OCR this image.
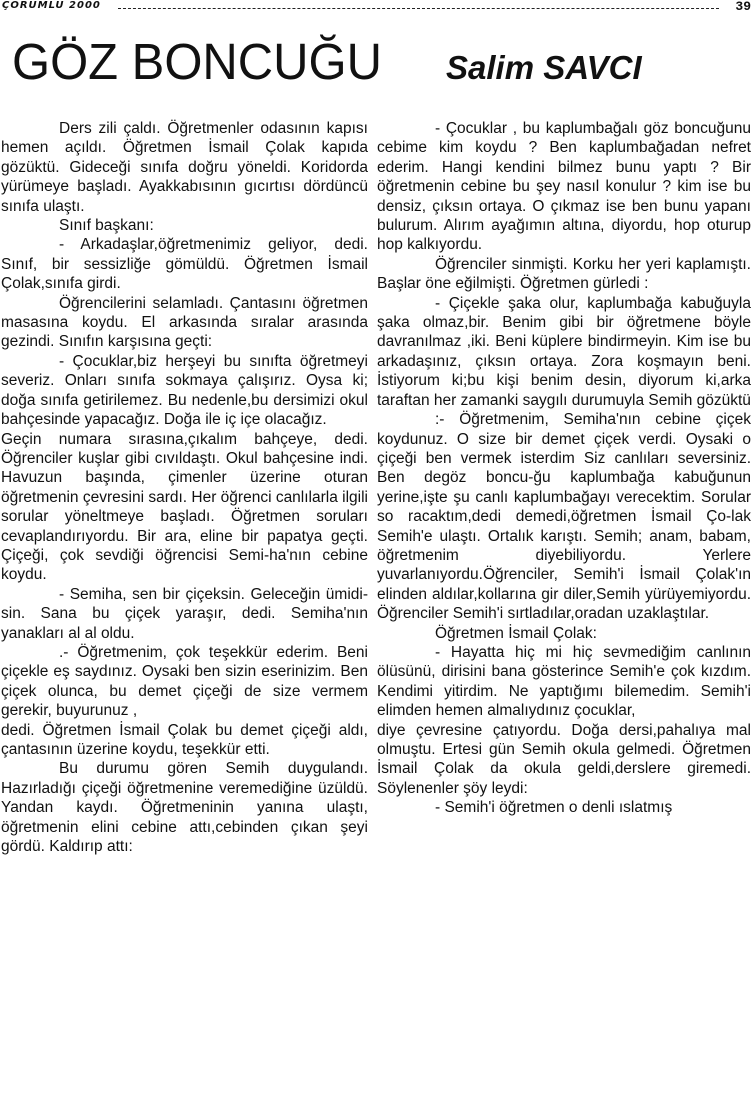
ÇORUMLU 2000	39
GÖZ BONCUĞU Salim SAVCI

Ders zili çaldı. Öğretmenler odasının kapısı hemen açıldı. Öğretmen İsmail Çolak kapıda gözüktü. Gideceği sınıfa doğru yöneldi. Koridorda yürümeye başladı. Ayakkabısının gıcırtısı dördüncü sınıfa ulaştı.

Sınıf başkanı:

- Arkadaşlar,öğretmenimiz geliyor, dedi. Sınıf, bir sessizliğe gömüldü. Öğretmen İsmail Çolak,sınıfa girdi.

Öğrencilerini selamladı. Çantasını öğretmen masasına koydu. El arkasında sıralar arasında gezindi. Sınıfın karşısına geçti:

- Çocuklar,biz herşeyi bu sınıfta öğretmeyi severiz. Onları sınıfa sokmaya çalışırız. Oysa ki; doğa sınıfa getirilemez. Bu nedenle,bu dersimizi okul bahçesinde yapacağız. Doğa ile iç içe olacağız.

Geçin numara sırasına,çıkalım bahçeye, dedi. Öğrenciler kuşlar gibi cıvıldaştı. Okul bahçesine indi. Havuzun başında, çimenler üzerine oturan öğretmenin çevresini sardı. Her öğrenci canlılarla ilgili sorular yöneltmeye başladı. Öğretmen soruları cevaplandırıyordu. Bir ara, eline bir papatya geçti. Çiçeği, çok sevdiği öğrencisi Semi-ha'nın cebine koydu.

- Semiha, sen bir çiçeksin. Geleceğin ümidi-sin. Sana bu çiçek yaraşır, dedi. Semiha'nın yanakları al al oldu.

.- Öğretmenim, çok teşekkür ederim. Beni çiçekle eş saydınız. Oysaki ben sizin eserinizim. Ben çiçek olunca, bu demet çiçeği de size vermem gerekir, buyurunuz ,

dedi. Öğretmen İsmail Çolak bu demet çiçeği aldı, çantasının üzerine koydu, teşekkür etti.

Bu durumu gören Semih duygulandı. Hazırladığı çiçeği öğretmenine veremediğine üzüldü. Yandan kaydı. Öğretmeninin yanına ulaştı, öğretmenin elini cebine attı,cebinden çıkan şeyi gördü. Kaldırıp attı:

- Çocuklar , bu kaplumbağalı göz boncuğunu cebime kim koydu ? Ben kaplumbağadan nefret ederim. Hangi kendini bilmez bunu yaptı ? Bir öğretmenin cebine bu şey nasıl konulur ? kim ise bu densiz, çıksın ortaya. O çıkmaz ise ben bunu yapanı bulurum. Alırım ayağımın altına, diyordu, hop oturup hop kalkıyordu.

Öğrenciler sinmişti. Korku her yeri kaplamıştı. Başlar öne eğilmişti. Öğretmen gürledi :

- Çiçekle şaka olur, kaplumbağa kabuğuyla şaka olmaz,bir. Benim gibi bir öğretmene böyle davranılmaz ,iki. Beni küplere bindirmeyin. Kim ise bu arkadaşınız, çıksın ortaya. Zora koşmayın beni. İstiyorum ki;bu kişi benim desin, diyorum ki,arka taraftan her zamanki saygılı durumuyla Semih gözüktü

:- Öğretmenim, Semiha'nın cebine çiçek koydunuz. O size bir demet çiçek verdi. Oysaki o çiçeği ben vermek isterdim Siz canlıları seversiniz. Ben degöz boncu-ğu kaplumbağa kabuğunun yerine,işte şu canlı kaplumbağayı verecektim. Sorular so racaktım,dedi demedi,öğretmen İsmail Ço-lak Semih'e ulaştı. Ortalık karıştı. Semih; anam, babam, öğretmenim diyebiliyordu. Yerlere yuvarlanıyordu.Öğrenciler, Semih'i İsmail Çolak'ın elinden aldılar,kollarına gir diler,Semih yürüyemiyordu. Öğrenciler Semih'i sırtladılar,oradan uzaklaştılar.

Öğretmen İsmail Çolak:

- Hayatta hiç mi hiç sevmediğim canlının ölüsünü, dirisini bana gösterince Semih'e çok kızdım. Kendimi yitirdim. Ne yaptığımı bilemedim. Semih'i elimden hemen almalıydınız çocuklar,

diye çevresine çatıyordu. Doğa dersi,pahalıya mal olmuştu. Ertesi gün Semih okula gelmedi. Öğretmen İsmail Çolak da okula geldi,derslere giremedi. Söylenenler şöy leydi:

- Semih'i öğretmen o denli ıslatmış
